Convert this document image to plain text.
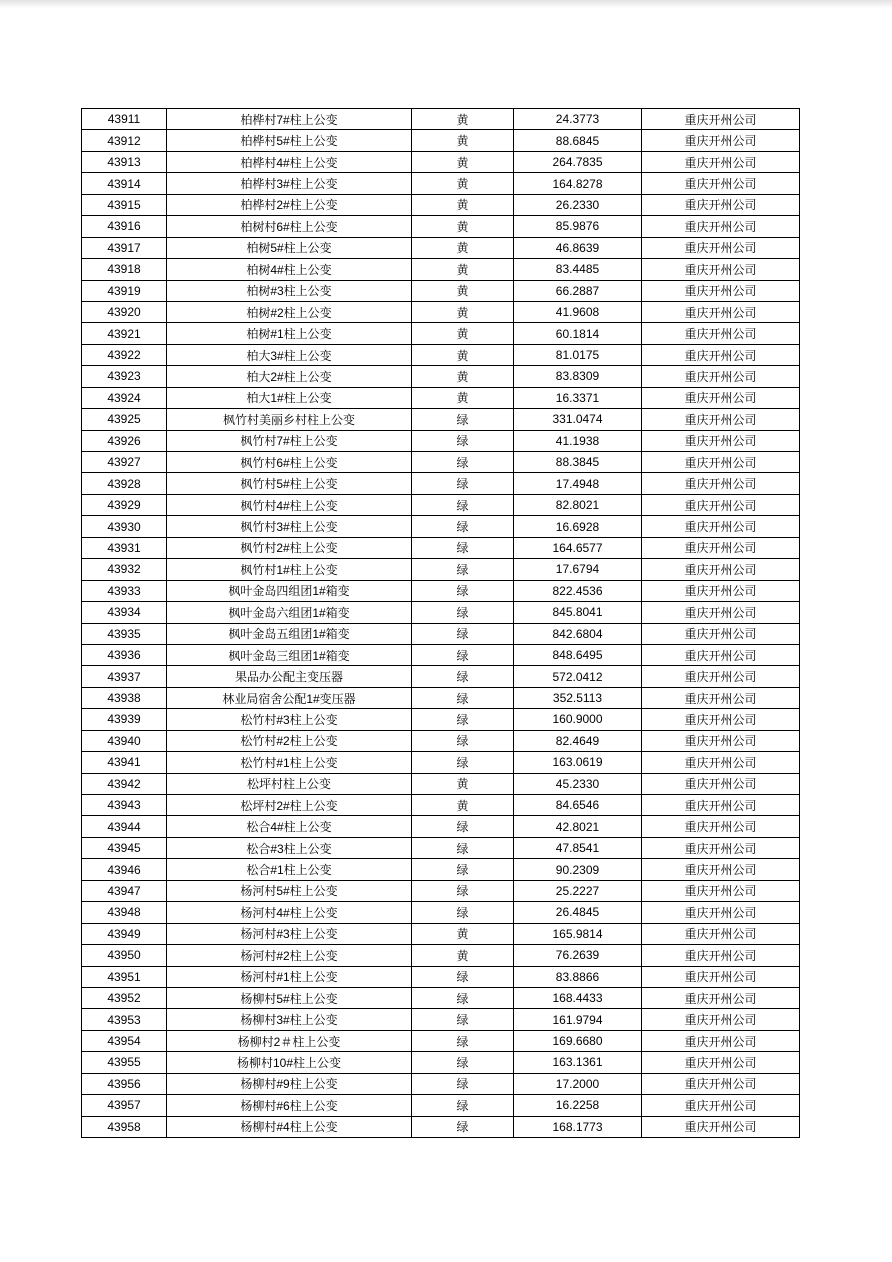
43911	柏桦村7#柱上公变	黄	24.3773	重庆开州公司
43912	柏桦村5#柱上公变	黄	88.6845	重庆开州公司
43913	柏桦村4#柱上公变	黄	264.7835	重庆开州公司
43914	柏桦村3#柱上公变	黄	164.8278	重庆开州公司
43915	柏桦村2#柱上公变	黄	26.2330	重庆开州公司
43916	柏树村6#柱上公变	黄	85.9876	重庆开州公司
43917	柏树5#柱上公变	黄	46.8639	重庆开州公司
43918	柏树4#柱上公变	黄	83.4485	重庆开州公司
43919	柏树#3柱上公变	黄	66.2887	重庆开州公司
43920	柏树#2柱上公变	黄	41.9608	重庆开州公司
43921	柏树#1柱上公变	黄	60.1814	重庆开州公司
43922	柏大3#柱上公变	黄	81.0175	重庆开州公司
43923	柏大2#柱上公变	黄	83.8309	重庆开州公司
43924	柏大1#柱上公变	黄	16.3371	重庆开州公司
43925	枫竹村美丽乡村柱上公变	绿	331.0474	重庆开州公司
43926	枫竹村7#柱上公变	绿	41.1938	重庆开州公司
43927	枫竹村6#柱上公变	绿	88.3845	重庆开州公司
43928	枫竹村5#柱上公变	绿	17.4948	重庆开州公司
43929	枫竹村4#柱上公变	绿	82.8021	重庆开州公司
43930	枫竹村3#柱上公变	绿	16.6928	重庆开州公司
43931	枫竹村2#柱上公变	绿	164.6577	重庆开州公司
43932	枫竹村1#柱上公变	绿	17.6794	重庆开州公司
43933	枫叶金岛四组团1#箱变	绿	822.4536	重庆开州公司
43934	枫叶金岛六组团1#箱变	绿	845.8041	重庆开州公司
43935	枫叶金岛五组团1#箱变	绿	842.6804	重庆开州公司
43936	枫叶金岛三组团1#箱变	绿	848.6495	重庆开州公司
43937	果品办公配主变压器	绿	572.0412	重庆开州公司
43938	林业局宿舍公配1#变压器	绿	352.5113	重庆开州公司
43939	松竹村#3柱上公变	绿	160.9000	重庆开州公司
43940	松竹村#2柱上公变	绿	82.4649	重庆开州公司
43941	松竹村#1柱上公变	绿	163.0619	重庆开州公司
43942	松坪村柱上公变	黄	45.2330	重庆开州公司
43943	松坪村2#柱上公变	黄	84.6546	重庆开州公司
43944	松合4#柱上公变	绿	42.8021	重庆开州公司
43945	松合#3柱上公变	绿	47.8541	重庆开州公司
43946	松合#1柱上公变	绿	90.2309	重庆开州公司
43947	杨河村5#柱上公变	绿	25.2227	重庆开州公司
43948	杨河村4#柱上公变	绿	26.4845	重庆开州公司
43949	杨河村#3柱上公变	黄	165.9814	重庆开州公司
43950	杨河村#2柱上公变	黄	76.2639	重庆开州公司
43951	杨河村#1柱上公变	绿	83.8866	重庆开州公司
43952	杨柳村5#柱上公变	绿	168.4433	重庆开州公司
43953	杨柳村3#柱上公变	绿	161.9794	重庆开州公司
43954	杨柳村2＃柱上公变	绿	169.6680	重庆开州公司
43955	杨柳村10#柱上公变	绿	163.1361	重庆开州公司
43956	杨柳村#9柱上公变	绿	17.2000	重庆开州公司
43957	杨柳村#6柱上公变	绿	16.2258	重庆开州公司
43958	杨柳村#4柱上公变	绿	168.1773	重庆开州公司
